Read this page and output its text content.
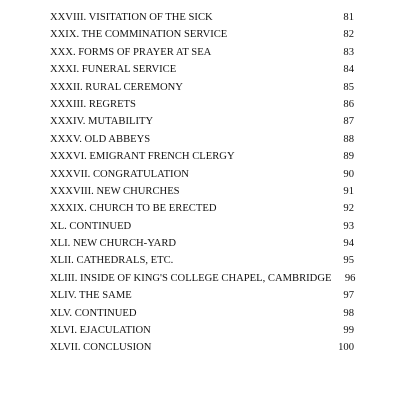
XXVIII. VISITATION OF THE SICK	81
XXIX. THE COMMINATION SERVICE	82
XXX. FORMS OF PRAYER AT SEA	83
XXXI. FUNERAL SERVICE	84
XXXII. RURAL CEREMONY	85
XXXIII. REGRETS	86
XXXIV. MUTABILITY	87
XXXV. OLD ABBEYS	88
XXXVI. EMIGRANT FRENCH CLERGY	89
XXXVII. CONGRATULATION	90
XXXVIII. NEW CHURCHES	91
XXXIX. CHURCH TO BE ERECTED	92
XL. CONTINUED	93
XLI. NEW CHURCH-YARD	94
XLII. CATHEDRALS, ETC.	95
XLIII. INSIDE OF KING'S COLLEGE CHAPEL, CAMBRIDGE	96
XLIV. THE SAME	97
XLV. CONTINUED	98
XLVI. EJACULATION	99
XLVII. CONCLUSION	100
